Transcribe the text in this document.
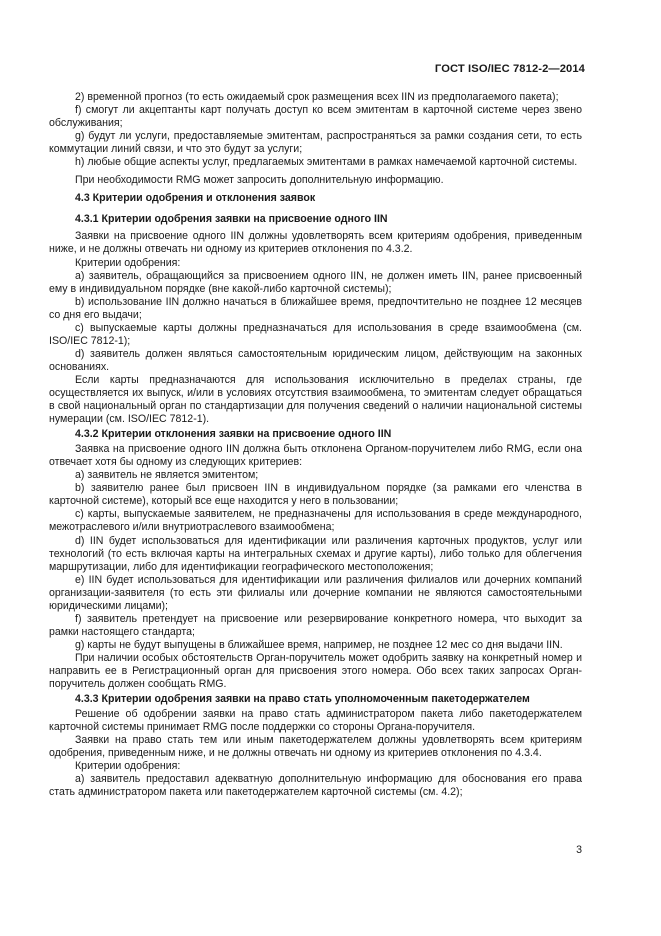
ГОСТ ISO/IEC 7812-2—2014

2) временной прогноз (то есть ожидаемый срок размещения всех IIN из предполагаемого пакета);

f) смогут ли акцептанты карт получать доступ ко всем эмитентам в карточной системе через звено обслуживания;

g) будут ли услуги, предоставляемые эмитентам, распространяться за рамки создания сети, то есть коммутации линий связи, и что это будут за услуги;

h) любые общие аспекты услуг, предлагаемых эмитентами в рамках намечаемой карточной системы.

При необходимости RMG может запросить дополнительную информацию.

4.3 Критерии одобрения и отклонения заявок

4.3.1 Критерии одобрения заявки на присвоение одного IIN

Заявки на присвоение одного IIN должны удовлетворять всем критериям одобрения, приведенным ниже, и не должны отвечать ни одному из критериев отклонения по 4.3.2.

Критерии одобрения:

a) заявитель, обращающийся за присвоением одного IIN, не должен иметь IIN, ранее присвоенный ему в индивидуальном порядке (вне какой-либо карточной системы);

b) использование IIN должно начаться в ближайшее время, предпочтительно не позднее 12 месяцев со дня его выдачи;

c) выпускаемые карты должны предназначаться для использования в среде взаимообмена (см. ISO/IEC 7812-1);

d) заявитель должен являться самостоятельным юридическим лицом, действующим на законных основаниях.

Если карты предназначаются для использования исключительно в пределах страны, где осуществляется их выпуск, и/или в условиях отсутствия взаимообмена, то эмитентам следует обращаться в свой национальный орган по стандартизации для получения сведений о наличии национальной системы нумерации (см. ISO/IEC 7812-1).

4.3.2 Критерии отклонения заявки на присвоение одного IIN

Заявка на присвоение одного IIN должна быть отклонена Органом-поручителем либо RMG, если она отвечает хотя бы одному из следующих критериев:

a) заявитель не является эмитентом;

b) заявителю ранее был присвоен IIN в индивидуальном порядке (за рамками его членства в карточной системе), который все еще находится у него в пользовании;

c) карты, выпускаемые заявителем, не предназначены для использования в среде международного, межотраслевого и/или внутриотраслевого взаимообмена;

d) IIN будет использоваться для идентификации или различения карточных продуктов, услуг или технологий (то есть включая карты на интегральных схемах и другие карты), либо только для облегчения маршрутизации, либо для идентификации географического местоположения;

e) IIN будет использоваться для идентификации или различения филиалов или дочерних компаний организации-заявителя (то есть эти филиалы или дочерние компании не являются самостоятельными юридическими лицами);

f) заявитель претендует на присвоение или резервирование конкретного номера, что выходит за рамки настоящего стандарта;

g) карты не будут выпущены в ближайшее время, например, не позднее 12 мес со дня выдачи IIN.

При наличии особых обстоятельств Орган-поручитель может одобрить заявку на конкретный номер и направить ее в Регистрационный орган для присвоения этого номера. Обо всех таких запросах Орган-поручитель должен сообщать RMG.

4.3.3 Критерии одобрения заявки на право стать уполномоченным пакетодержателем

Решение об одобрении заявки на право стать администратором пакета либо пакетодержателем карточной системы принимает RMG после поддержки со стороны Органа-поручителя.

Заявки на право стать тем или иным пакетодержателем должны удовлетворять всем критериям одобрения, приведенным ниже, и не должны отвечать ни одному из критериев отклонения по 4.3.4.

Критерии одобрения:

a) заявитель предоставил адекватную дополнительную информацию для обоснования его права стать администратором пакета или пакетодержателем карточной системы (см. 4.2);

3
